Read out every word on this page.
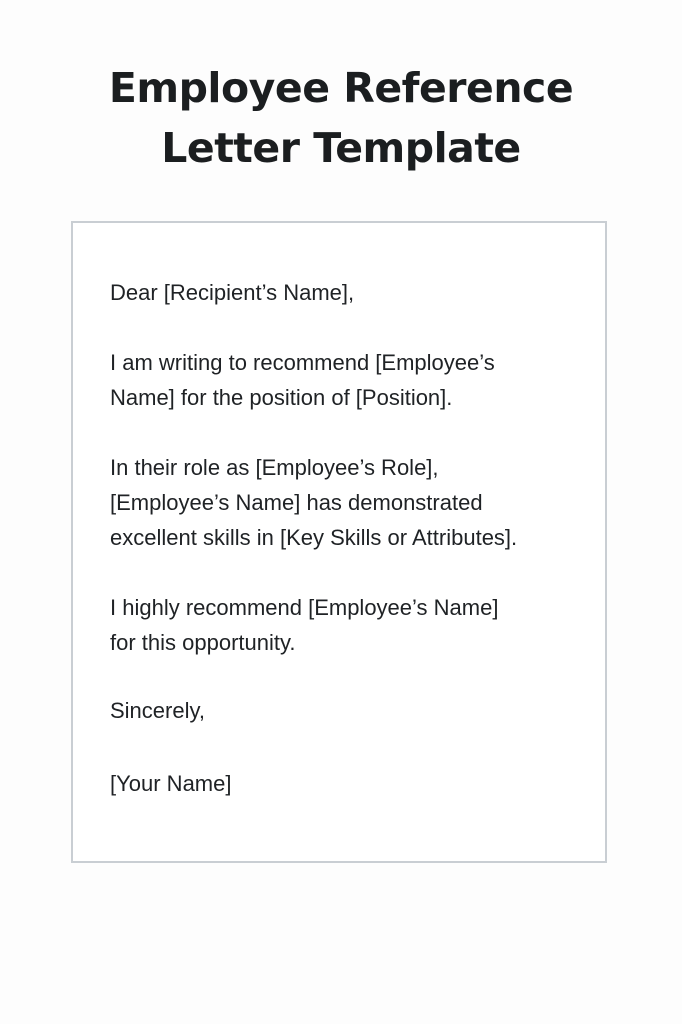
Employee Reference
Letter Template

Dear [Recipient’s Name],

I am writing to recommend [Employee’s

Name] for the position of [Position].

In their role as [Employee’s Role],

[Employee’s Name] has demonstrated

excellent skills in [Key Skills or Attributes].

I highly recommend [Employee’s Name]

for this opportunity.

Sincerely,

[Your Name]
